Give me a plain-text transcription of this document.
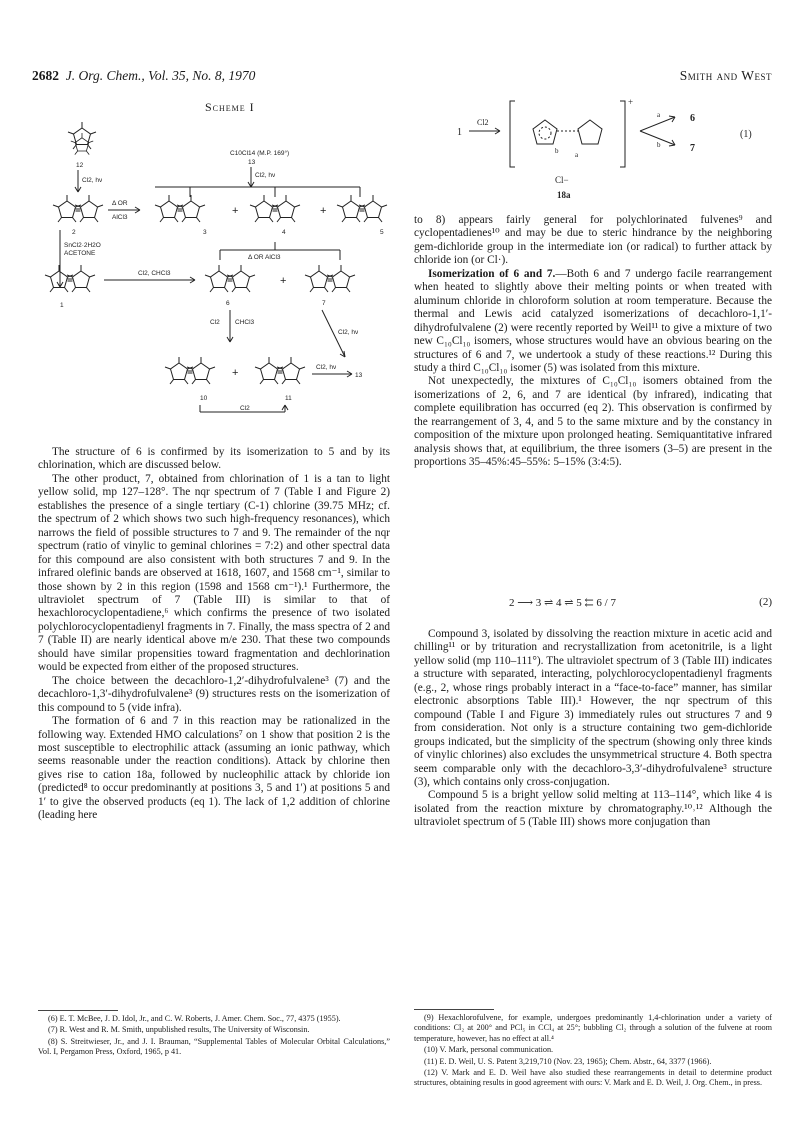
2682 J. Org. Chem., Vol. 35, No. 8, 1970	Smith and West
Scheme I
12
Cl2, hν
C10Cl14 (M.P. 169°)
13
Cl2, hν
2
Δ OR
AlCl3
3
+
4
+
5
SnCl2·2H2O
ACETONE
Δ OR AlCl3
1
Cl2, CHCl3
6
+
7
Cl2 CHCl3
Cl2, hν
10
+
11
Cl2, hν
13
Cl2
1
Cl2
+
a
b
Cl−
18a
a
b
6
7
(1)

The structure of 6 is confirmed by its isomerization to 5 and by its chlorination, which are discussed below.

The other product, 7, obtained from chlorination of 1 is a tan to light yellow solid, mp 127–128°. The nqr spectrum of 7 (Table I and Figure 2) establishes the presence of a single tertiary (C-1) chlorine (39.75 MHz; cf. the spectrum of 2 which shows two such high-frequency resonances), which narrows the field of possible structures to 7 and 9. The remainder of the nqr spectrum (ratio of vinylic to geminal chlorines = 7:2) and other spectral data for this compound are also consistent with both structures 7 and 9. In the infrared olefinic bands are observed at 1618, 1607, and 1568 cm⁻¹, similar to those shown by 2 in this region (1598 and 1568 cm⁻¹).¹ Furthermore, the ultraviolet spectrum of 7 (Table III) is similar to that of hexachlorocyclopentadiene,⁶ which confirms the presence of two isolated polychlorocyclopentadienyl fragments in 7. Finally, the mass spectra of 2 and 7 (Table II) are nearly identical above m/e 230. That these two compounds should have similar propensities toward fragmentation and dechlorination would be expected from either of the proposed structures.

The choice between the decachloro-1,2′-dihydrofulvalene³ (7) and the decachloro-1,3′-dihydrofulvalene³ (9) structures rests on the isomerization of this compound to 5 (vide infra).

The formation of 6 and 7 in this reaction may be rationalized in the following way. Extended HMO calculations⁷ on 1 show that position 2 is the most susceptible to electrophilic attack (assuming an ionic pathway, which seems reasonable under the reaction conditions). Attack by chlorine then gives rise to cation 18a, followed by nucleophilic attack by chloride ion (predicted⁸ to occur predominantly at positions 3, 5 and 1′) at positions 5 and 1′ to give the observed products (eq 1). The lack of 1,2 addition of chlorine (leading here

to 8) appears fairly general for polychlorinated fulvenes⁹ and cyclopentadienes¹⁰ and may be due to steric hindrance by the neighboring gem-dichloride group in the intermediate ion (or radical) to further attack by chloride ion (or Cl·).

Isomerization of 6 and 7.—Both 6 and 7 undergo facile rearrangement when heated to slightly above their melting points or when treated with aluminum chloride in chloroform solution at room temperature. Because the thermal and Lewis acid catalyzed isomerizations of decachloro-1,1′-dihydrofulvalene (2) were recently reported by Weil¹¹ to give a mixture of two new C₁₀Cl₁₀ isomers, whose structures would have an obvious bearing on the structures of 6 and 7, we undertook a study of these reactions.¹² During this study a third C₁₀Cl₁₀ isomer (5) was isolated from this mixture.

Not unexpectedly, the mixtures of C₁₀Cl₁₀ isomers obtained from the isomerizations of 2, 6, and 7 are identical (by infrared), indicating that complete equilibration has occurred (eq 2). This observation is confirmed by the rearrangement of 3, 4, and 5 to the same mixture and by the constancy in composition of the mixture upon prolonged heating. Semiquantitative infrared analysis shows that, at equilibrium, the three isomers (3–5) are present in the proportions 35–45%:45–55%: 5–15% (3:4:5).

2 ⟶ 3 ⇌ 4 ⇌ 5 ⇇ 6 / 7	(2)

Compound 3, isolated by dissolving the reaction mixture in acetic acid and chilling¹¹ or by trituration and recrystallization from acetonitrile, is a light yellow solid (mp 110–111°). The ultraviolet spectrum of 3 (Table III) indicates a structure with separated, interacting, polychlorocyclopentadienyl fragments (e.g., 2, whose rings probably interact in a “face-to-face” manner, has similar electronic absorptions Table III).¹ However, the nqr spectrum of this compound (Table I and Figure 3) immediately rules out structures 7 and 9 from consideration. Not only is a structure containing two gem-dichloride groups indicated, but the simplicity of the spectrum (showing only three kinds of vinylic chlorines) also excludes the unsymmetrical structure 4. Both spectra seem comparable only with the decachloro-3,3′-dihydrofulvalene³ structure (3), which contains only cross-conjugation.

Compound 5 is a bright yellow solid melting at 113–114°, which like 4 is isolated from the reaction mixture by chromatography.¹⁰˒¹² Although the ultraviolet spectrum of 5 (Table III) shows more conjugation than

(6) E. T. McBee, J. D. Idol, Jr., and C. W. Roberts, J. Amer. Chem. Soc., 77, 4375 (1955).

(7) R. West and R. M. Smith, unpublished results, The University of Wisconsin.

(8) S. Streitwieser, Jr., and J. I. Brauman, “Supplemental Tables of Molecular Orbital Calculations,” Vol. I, Pergamon Press, Oxford, 1965, p 41.

(9) Hexachlorofulvene, for example, undergoes predominantly 1,4-chlorination under a variety of conditions: Cl₂ at 200° and PCl₅ in CCl₄ at 25°; bubbling Cl₂ through a solution of the fulvene at room temperature, however, has no effect at all.⁴

(10) V. Mark, personal communication.

(11) E. D. Weil, U. S. Patent 3,219,710 (Nov. 23, 1965); Chem. Abstr., 64, 3377 (1966).

(12) V. Mark and E. D. Weil have also studied these rearrangements in detail to determine product structures, obtaining results in good agreement with ours: V. Mark and E. D. Weil, J. Org. Chem., in press.
